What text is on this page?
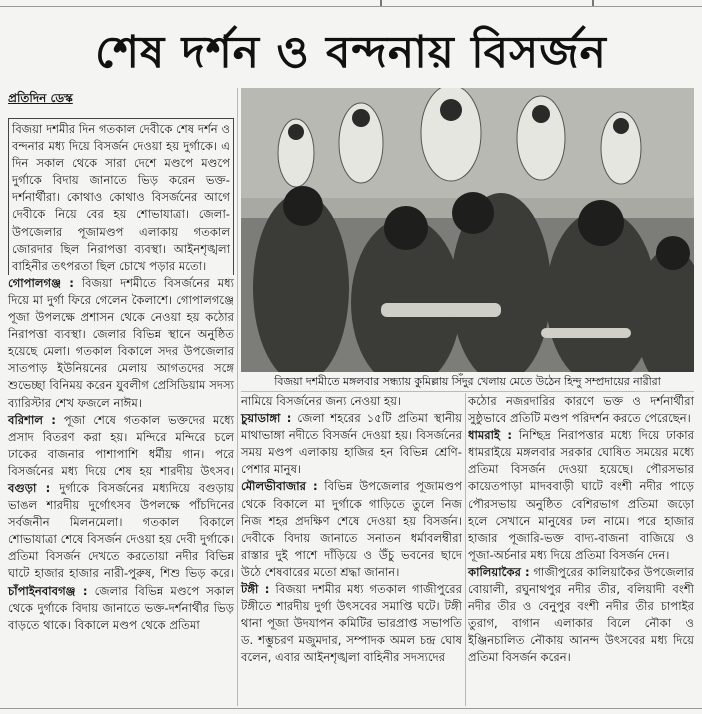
শেষ দর্শন ও বন্দনায় বিসর্জন
প্রতিদিন ডেস্ক

বিজয়া দশমীর দিন গতকাল দেবীকে শেষ দর্শন ও বন্দনার মধ্য দিয়ে বিসর্জন দেওয়া হয় দুর্গাকে। এ দিন সকাল থেকে সারা দেশে মণ্ডপে মণ্ডপে দুর্গাকে বিদায় জানাতে ভিড় করেন ভক্ত-দর্শনার্থীরা। কোথাও কোথাও বিসর্জনের আগে দেবীকে নিয়ে বের হয় শোভাযাত্রা। জেলা-উপজেলার পূজামণ্ডপ এলাকায় গতকাল জোরদার ছিল নিরাপত্তা ব্যবস্থা। আইনশৃঙ্খলা বাহিনীর তৎপরতা ছিল চোখে পড়ার মতো।

গোপালগঞ্জ : বিজয়া দশমীতে বিসর্জনের মধ্য দিয়ে মা দুর্গা ফিরে গেলেন কৈলাশে। গোপালগঞ্জে পূজা উপলক্ষে প্রশাসন থেকে নেওয়া হয় কঠোর নিরাপত্তা ব্যবস্থা। জেলার বিভিন্ন স্থানে অনুষ্ঠিত হয়েছে মেলা। গতকাল বিকালে সদর উপজেলার সাতপাড় ইউনিয়নের মেলায় আগতদের সঙ্গে শুভেচ্ছা বিনিময় করেন যুবলীগ প্রেসিডিয়াম সদস্য ব্যারিস্টার শেখ ফজলে নাঈম।

বরিশাল : পূজা শেষে গতকাল ভক্তদের মধ্যে প্রসাদ বিতরণ করা হয়। মন্দিরে মন্দিরে চলে ঢাকের বাজনার পাশাপাশি ধর্মীয় গান। পরে বিসর্জনের মধ্য দিয়ে শেষ হয় শারদীয় উৎসব। বগুড়া : দুর্গাকে বিসর্জনের মধ্যদিয়ে বগুড়ায় ভাঙল শারদীয় দুর্গোৎসব উপলক্ষে পাঁচদিনের সর্বজনীন মিলনমেলা। গতকাল বিকালে শোভাযাত্রা শেষে বিসর্জন দেওয়া হয় দেবী দুর্গাকে। প্রতিমা বিসর্জন দেখতে করতোয়া নদীর বিভিন্ন ঘাটে হাজার হাজার নারী-পুরুষ, শিশু ভিড় করে। চাঁপাইনবাবগঞ্জ : জেলার বিভিন্ন মণ্ডপে সকাল থেকে দুর্গাকে বিদায় জানাতে ভক্ত-দর্শনার্থীর ভিড় বাড়তে থাকে। বিকালে মণ্ডপ থেকে প্রতিমা

বিজয়া দশমীতে মঙ্গলবার সন্ধ্যায় কুমিল্লায় সিঁদুর খেলায় মেতে উঠেন হিন্দু সম্প্রদায়ের নারীরা

নামিয়ে বিসর্জনের জন্য নেওয়া হয়।

চুয়াডাঙ্গা : জেলা শহরের ১৫টি প্রতিমা স্থানীয় মাথাভাঙ্গা নদীতে বিসর্জন দেওয়া হয়। বিসর্জনের সময় মণ্ডপ এলাকায় হাজির হন বিভিন্ন শ্রেণি-পেশার মানুষ।

মৌলভীবাজার : বিভিন্ন উপজেলার পূজামণ্ডপ থেকে বিকালে মা দুর্গাকে গাড়িতে তুলে নিজ নিজ শহর প্রদক্ষিণ শেষে দেওয়া হয় বিসর্জন। দেবীকে বিদায় জানাতে সনাতন ধর্মাবলম্বীরা রাস্তার দুই পাশে দাঁড়িয়ে ও উঁচু ভবনের ছাদে উঠে শেষবারের মতো শ্রদ্ধা জানান।

টঙ্গী : বিজয়া দশমীর মধ্য গতকাল গাজীপুরের টঙ্গীতে শারদীয় দুর্গা উৎসবের সমাপ্তি ঘটে। টঙ্গী থানা পূজা উদযাপন কমিটির ভারপ্রাপ্ত সভাপতি ড. শম্ভুচরণ মজুমদার, সম্পাদক অমল চন্দ্র ঘোষ বলেন, এবার আইনশৃঙ্খলা বাহিনীর সদস্যদের

কঠোর নজরদারির কারণে ভক্ত ও দর্শনার্থীরা সুষ্ঠুভাবে প্রতিটি মণ্ডপ পরিদর্শন করতে পেরেছেন।

ধামরাই : নিশ্ছিদ্র নিরাপত্তার মধ্যে দিয়ে ঢাকার ধামরাইয়ে মঙ্গলবার সরকার ঘোষিত সময়ের মধ্যে প্রতিমা বিসর্জন দেওয়া হয়েছে। পৌরসভার কায়েতপাড়া মাদববাড়ী ঘাটে বংশী নদীর পাড়ে পৌরসভায় অনুষ্ঠিত বেশিরভাগ প্রতিমা জড়ো হলে সেখানে মানুষের ঢল নামে। পরে হাজার হাজার পূজারি-ভক্ত বাদ্য-বাজনা বাজিয়ে ও পূজা-অর্চনার মধ্য দিয়ে প্রতিমা বিসর্জন দেন।

কালিয়াকৈর : গাজীপুরের কালিয়াকৈর উপজেলার বোয়ালী, রঘুনাথপুর নদীর তীর, বলিয়াদী বংশী নদীর তীর ও বেনুপুর বংশী নদীর তীর চাপাইর তুরাগ, বাগান এলাকার বিলে নৌকা ও ইঞ্জিনচালিত নৌকায় আনন্দ উৎসবের মধ্য দিয়ে প্রতিমা বিসর্জন করেন।
